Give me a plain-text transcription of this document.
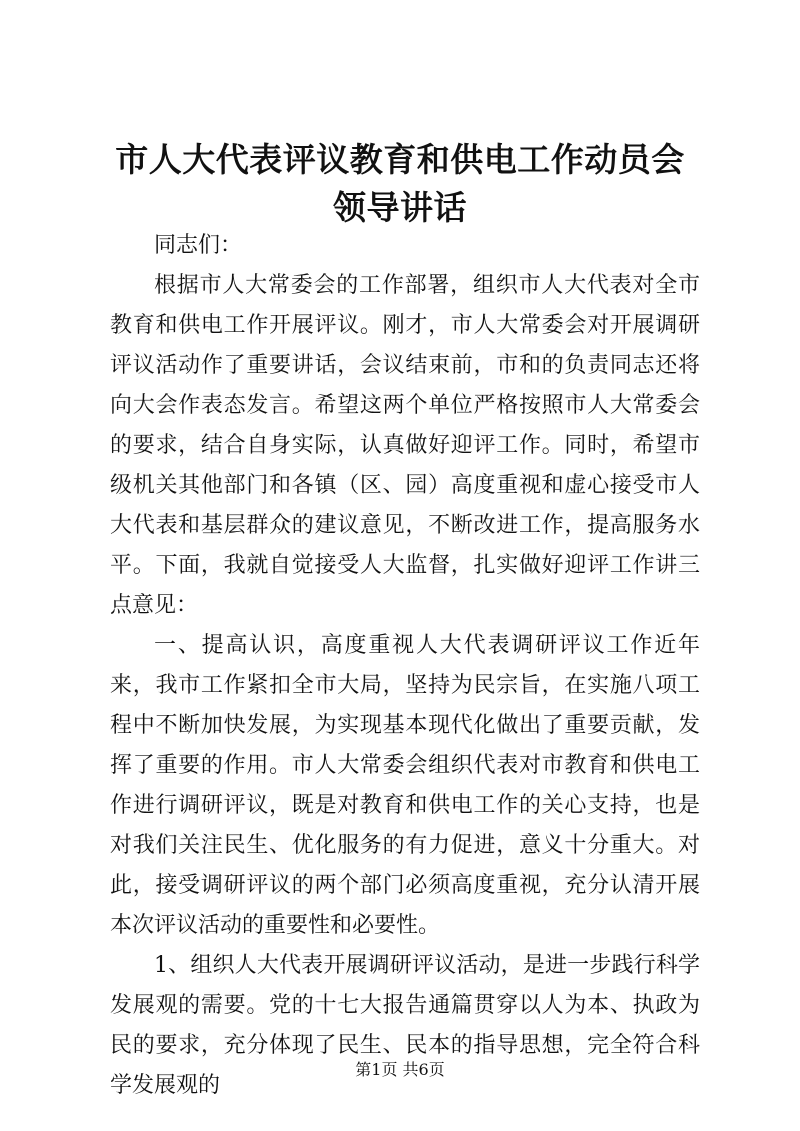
市人大代表评议教育和供电工作动员会领导讲话

同志们：

根据市人大常委会的工作部署，组织市人大代表对全市教育和供电工作开展评议。刚才，市人大常委会对开展调研评议活动作了重要讲话，会议结束前，市和的负责同志还将向大会作表态发言。希望这两个单位严格按照市人大常委会的要求，结合自身实际，认真做好迎评工作。同时，希望市级机关其他部门和各镇（区、园）高度重视和虚心接受市人大代表和基层群众的建议意见，不断改进工作，提高服务水平。下面，我就自觉接受人大监督，扎实做好迎评工作讲三点意见：

一、提高认识，高度重视人大代表调研评议工作近年来，我市工作紧扣全市大局，坚持为民宗旨，在实施八项工程中不断加快发展，为实现基本现代化做出了重要贡献，发挥了重要的作用。市人大常委会组织代表对市教育和供电工作进行调研评议，既是对教育和供电工作的关心支持，也是对我们关注民生、优化服务的有力促进，意义十分重大。对此，接受调研评议的两个部门必须高度重视，充分认清开展本次评议活动的重要性和必要性。

1、组织人大代表开展调研评议活动，是进一步践行科学发展观的需要。党的十七大报告通篇贯穿以人为本、执政为民的要求，充分体现了民生、民本的指导思想，完全符合科学发展观的

第1页 共6页
